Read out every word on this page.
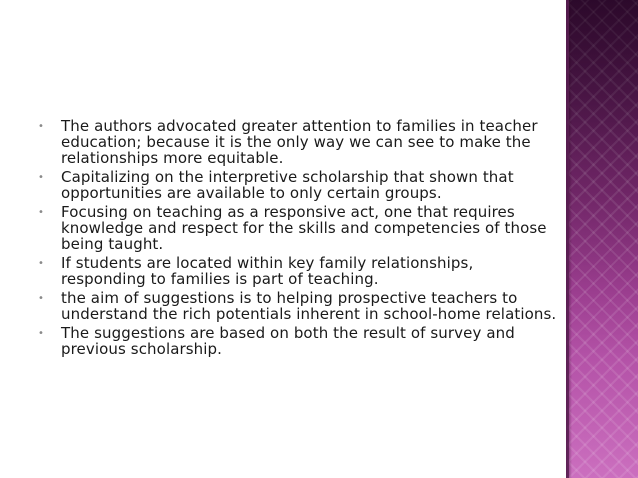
• The authors advocated greater attention to families in teacher education; because it is the only way we can see to make the relationships more equitable.
• Capitalizing on the interpretive scholarship that shown that opportunities are available to only certain groups.
• Focusing on teaching as a responsive act, one that requires knowledge and respect for the skills and competencies of those being taught.
• If students are located within key family relationships, responding to families is part of teaching.
• the aim of suggestions is to helping prospective teachers to understand the rich potentials inherent in school-home relations.
• The suggestions are based on both the result of survey and previous scholarship.
